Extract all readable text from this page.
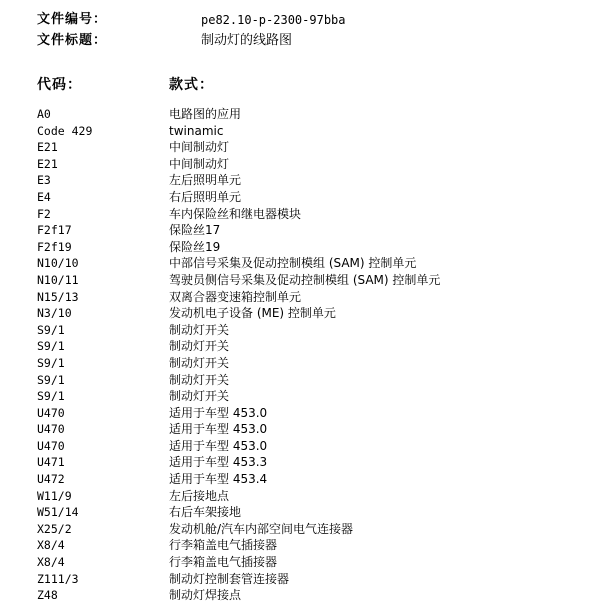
文件编号：	pe82.10-p-2300-97bba
文件标题：	制动灯的线路图
代码：	款式：
A0	电路图的应用
Code 429	twinamic
E21	中间制动灯
E21	中间制动灯
E3	左后照明单元
E4	右后照明单元
F2	车内保险丝和继电器模块
F2f17	保险丝17
F2f19	保险丝19
N10/10	中部信号采集及促动控制模组 (SAM) 控制单元
N10/11	驾驶员侧信号采集及促动控制模组 (SAM) 控制单元
N15/13	双离合器变速箱控制单元
N3/10	发动机电子设备 (ME) 控制单元
S9/1	制动灯开关
S9/1	制动灯开关
S9/1	制动灯开关
S9/1	制动灯开关
S9/1	制动灯开关
U470	适用于车型 453.0
U470	适用于车型 453.0
U470	适用于车型 453.0
U471	适用于车型 453.3
U472	适用于车型 453.4
W11/9	左后接地点
W51/14	右后车架接地
X25/2	发动机舱/汽车内部空间电气连接器
X8/4	行李箱盖电气插接器
X8/4	行李箱盖电气插接器
Z111/3	制动灯控制套管连接器
Z48	制动灯焊接点
